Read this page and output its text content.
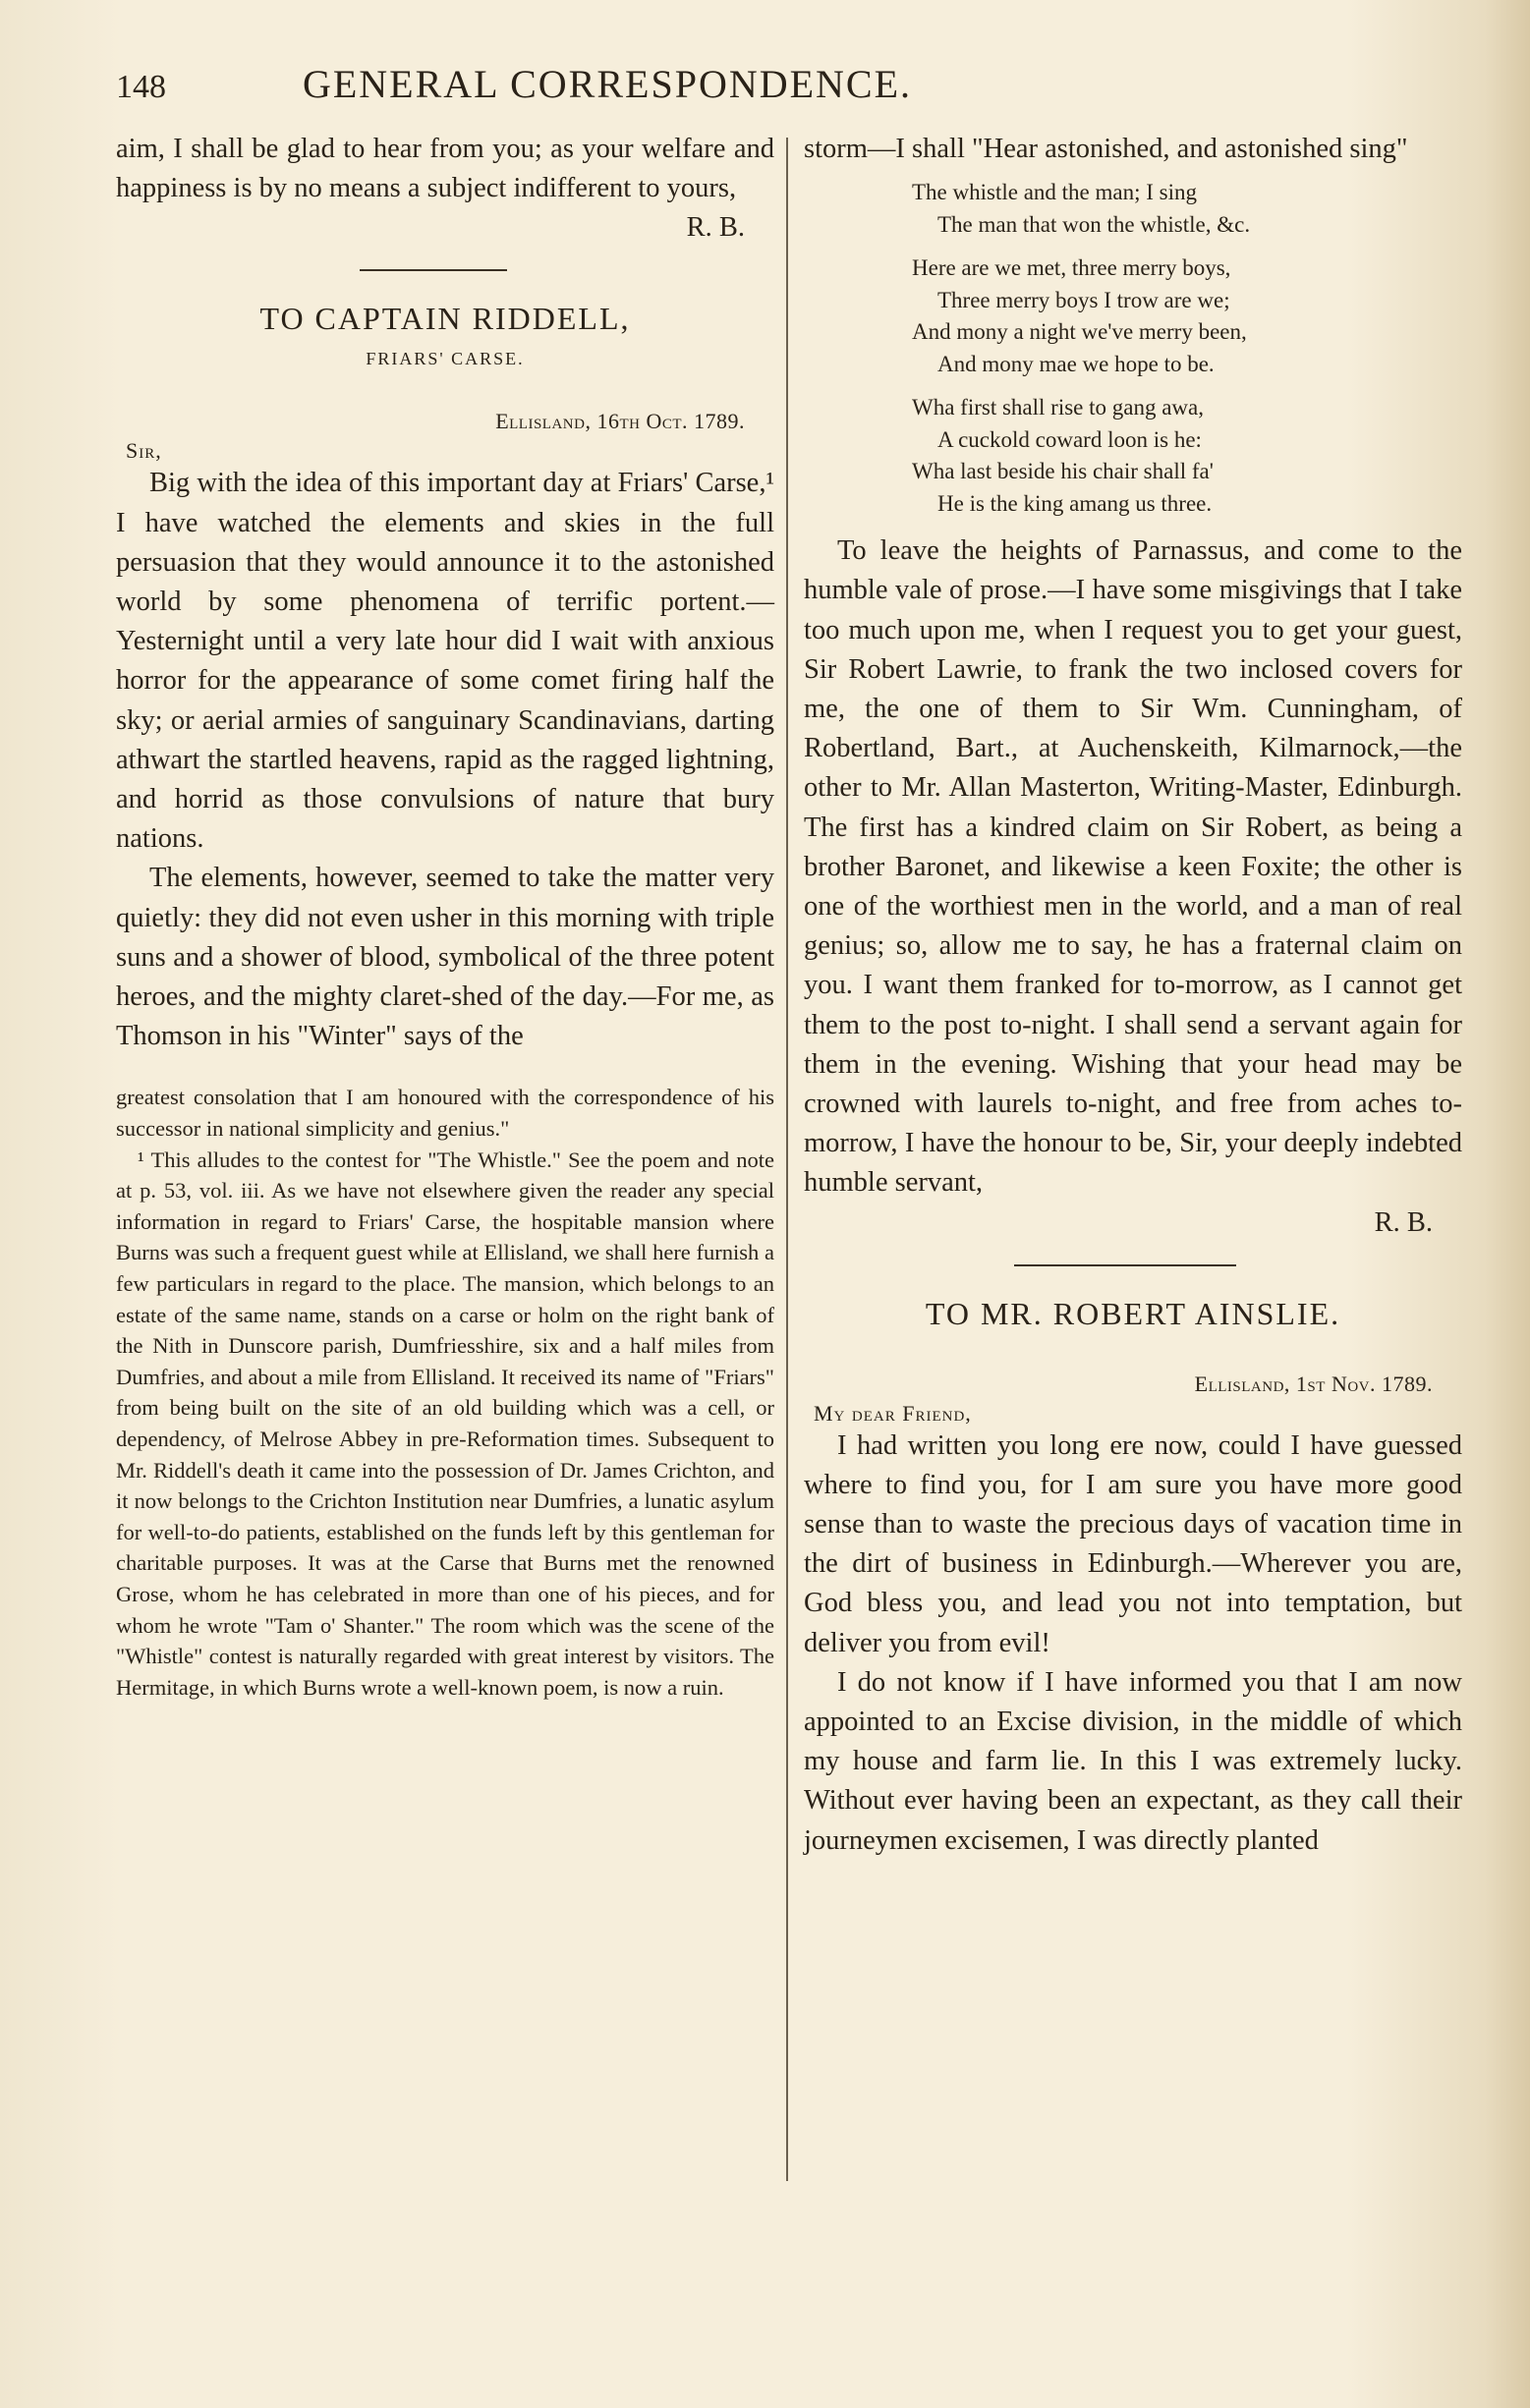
148	GENERAL CORRESPONDENCE.

aim, I shall be glad to hear from you; as your welfare and happiness is by no means a subject indifferent to yours,

R. B.
TO CAPTAIN RIDDELL,
FRIARS' CARSE.
Ellisland, 16th Oct. 1789.
Sir,

Big with the idea of this important day at Friars' Carse,¹ I have watched the elements and skies in the full persuasion that they would announce it to the astonished world by some phenomena of terrific portent.—Yesternight until a very late hour did I wait with anxious horror for the appearance of some comet firing half the sky; or aerial armies of sanguinary Scandinavians, darting athwart the startled heavens, rapid as the ragged lightning, and horrid as those convulsions of nature that bury nations.

The elements, however, seemed to take the matter very quietly: they did not even usher in this morning with triple suns and a shower of blood, symbolical of the three potent heroes, and the mighty claret-shed of the day.—For me, as Thomson in his "Winter" says of the

greatest consolation that I am honoured with the correspondence of his successor in national simplicity and genius."

¹ This alludes to the contest for "The Whistle." See the poem and note at p. 53, vol. iii. As we have not elsewhere given the reader any special information in regard to Friars' Carse, the hospitable mansion where Burns was such a frequent guest while at Ellisland, we shall here furnish a few particulars in regard to the place. The mansion, which belongs to an estate of the same name, stands on a carse or holm on the right bank of the Nith in Dunscore parish, Dumfriesshire, six and a half miles from Dumfries, and about a mile from Ellisland. It received its name of "Friars" from being built on the site of an old building which was a cell, or dependency, of Melrose Abbey in pre-Reformation times. Subsequent to Mr. Riddell's death it came into the possession of Dr. James Crichton, and it now belongs to the Crichton Institution near Dumfries, a lunatic asylum for well-to-do patients, established on the funds left by this gentleman for charitable purposes. It was at the Carse that Burns met the renowned Grose, whom he has celebrated in more than one of his pieces, and for whom he wrote "Tam o' Shanter." The room which was the scene of the "Whistle" contest is naturally regarded with great interest by visitors. The Hermitage, in which Burns wrote a well-known poem, is now a ruin.

storm—I shall "Hear astonished, and astonished sing"

The whistle and the man; I sing
The man that won the whistle, &c.
Here are we met, three merry boys,
Three merry boys I trow are we;
And mony a night we've merry been,
And mony mae we hope to be.
Wha first shall rise to gang awa,
A cuckold coward loon is he:
Wha last beside his chair shall fa'
He is the king amang us three.

To leave the heights of Parnassus, and come to the humble vale of prose.—I have some misgivings that I take too much upon me, when I request you to get your guest, Sir Robert Lawrie, to frank the two inclosed covers for me, the one of them to Sir Wm. Cunningham, of Robertland, Bart., at Auchenskeith, Kilmarnock,—the other to Mr. Allan Masterton, Writing-Master, Edinburgh. The first has a kindred claim on Sir Robert, as being a brother Baronet, and likewise a keen Foxite; the other is one of the worthiest men in the world, and a man of real genius; so, allow me to say, he has a fraternal claim on you. I want them franked for to-morrow, as I cannot get them to the post to-night. I shall send a servant again for them in the evening. Wishing that your head may be crowned with laurels to-night, and free from aches to-morrow, I have the honour to be, Sir, your deeply indebted humble servant,

R. B.
TO MR. ROBERT AINSLIE.
Ellisland, 1st Nov. 1789.
My dear Friend,

I had written you long ere now, could I have guessed where to find you, for I am sure you have more good sense than to waste the precious days of vacation time in the dirt of business in Edinburgh.—Wherever you are, God bless you, and lead you not into temptation, but deliver you from evil!

I do not know if I have informed you that I am now appointed to an Excise division, in the middle of which my house and farm lie. In this I was extremely lucky. Without ever having been an expectant, as they call their journeymen excisemen, I was directly planted
